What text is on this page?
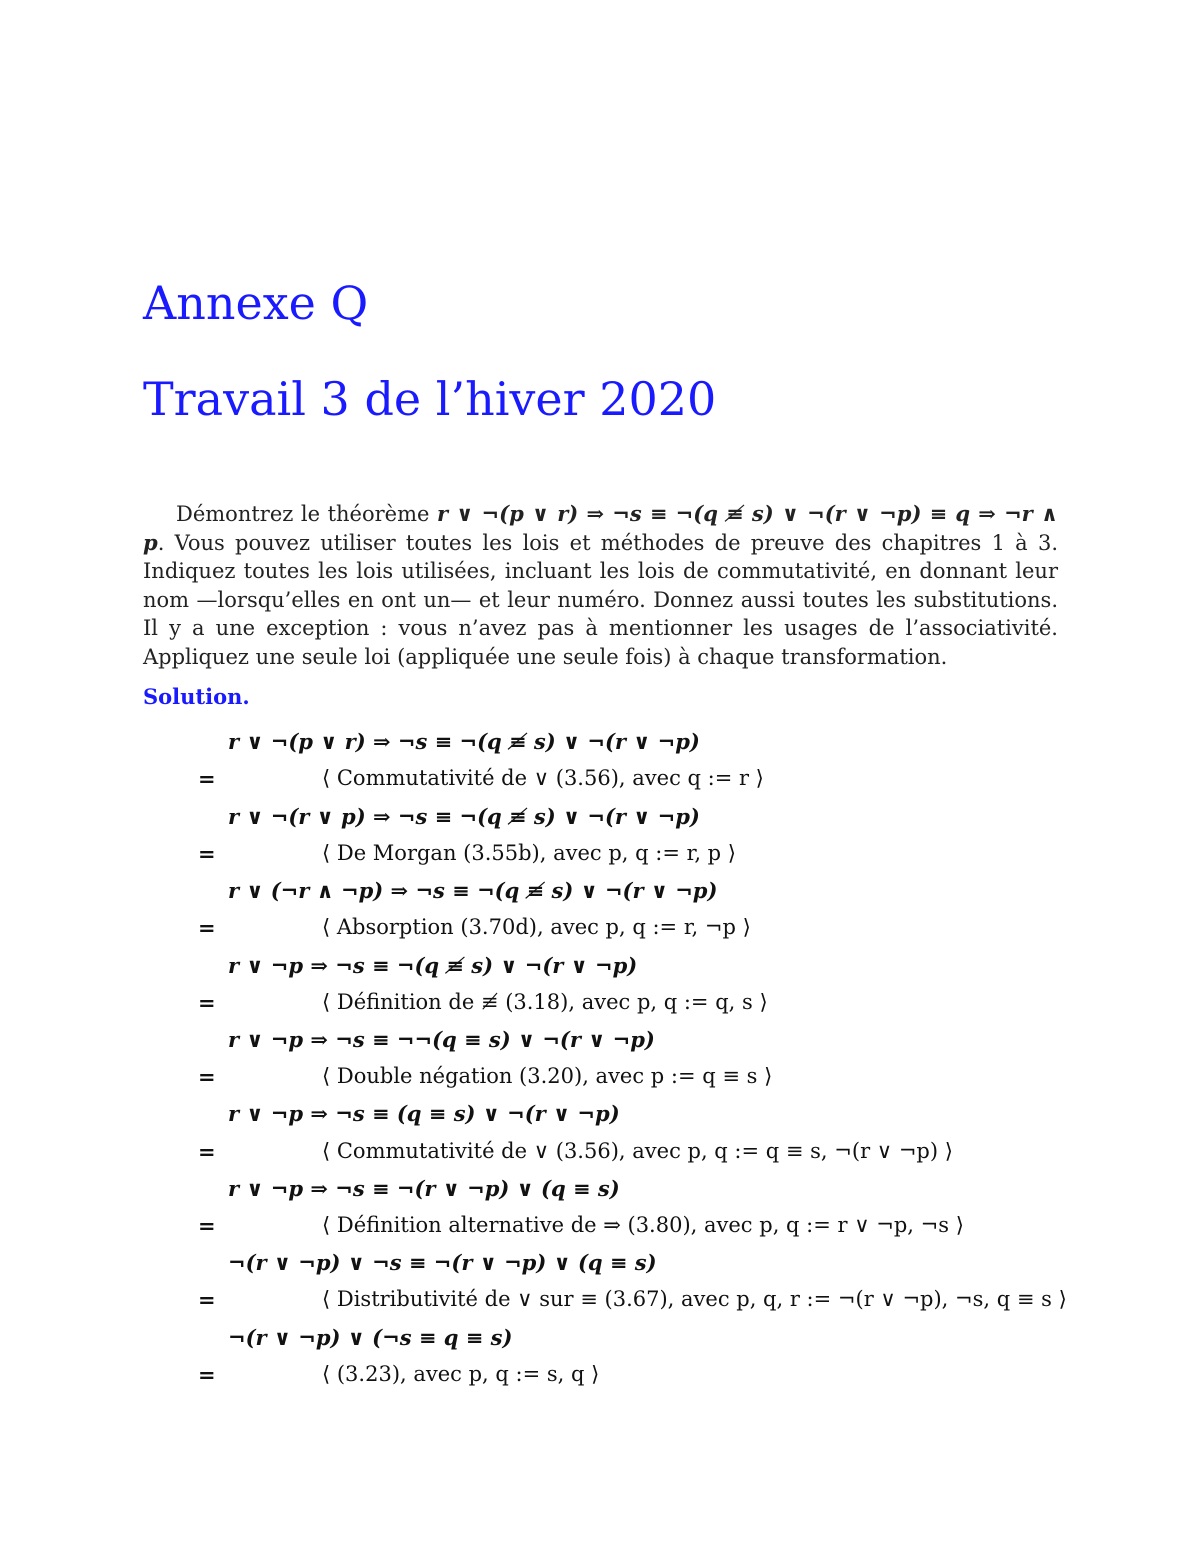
Annexe Q
Travail 3 de l’hiver 2020
Démontrez le théorème r ∨ ¬(p ∨ r) ⇒ ¬s ≡ ¬(q ≢ s) ∨ ¬(r ∨ ¬p) ≡ q ⇒ ¬r ∧ p. Vous pouvez utiliser toutes les lois et méthodes de preuve des chapitres 1 à 3. Indiquez toutes les lois utilisées, incluant les lois de commutativité, en donnant leur nom —lorsqu’elles en ont un— et leur numéro. Donnez aussi toutes les substitutions. Il y a une exception : vous n’avez pas à mentionner les usages de l’associativité. Appliquez une seule loi (appliquée une seule fois) à chaque transformation.
Solution.
r ∨ ¬(p ∨ r) ⇒ ¬s ≡ ¬(q ≢ s) ∨ ¬(r ∨ ¬p)
=	⟨ Commutativité de ∨ (3.56), avec q := r ⟩
r ∨ ¬(r ∨ p) ⇒ ¬s ≡ ¬(q ≢ s) ∨ ¬(r ∨ ¬p)
=	⟨ De Morgan (3.55b), avec p, q := r, p ⟩
r ∨ (¬r ∧ ¬p) ⇒ ¬s ≡ ¬(q ≢ s) ∨ ¬(r ∨ ¬p)
=	⟨ Absorption (3.70d), avec p, q := r, ¬p ⟩
r ∨ ¬p ⇒ ¬s ≡ ¬(q ≢ s) ∨ ¬(r ∨ ¬p)
=	⟨ Définition de ≢ (3.18), avec p, q := q, s ⟩
r ∨ ¬p ⇒ ¬s ≡ ¬¬(q ≡ s) ∨ ¬(r ∨ ¬p)
=	⟨ Double négation (3.20), avec p := q ≡ s ⟩
r ∨ ¬p ⇒ ¬s ≡ (q ≡ s) ∨ ¬(r ∨ ¬p)
=	⟨ Commutativité de ∨ (3.56), avec p, q := q ≡ s, ¬(r ∨ ¬p) ⟩
r ∨ ¬p ⇒ ¬s ≡ ¬(r ∨ ¬p) ∨ (q ≡ s)
=	⟨ Définition alternative de ⇒ (3.80), avec p, q := r ∨ ¬p, ¬s ⟩
¬(r ∨ ¬p) ∨ ¬s ≡ ¬(r ∨ ¬p) ∨ (q ≡ s)
=	⟨ Distributivité de ∨ sur ≡ (3.67), avec p, q, r := ¬(r ∨ ¬p), ¬s, q ≡ s ⟩
¬(r ∨ ¬p) ∨ (¬s ≡ q ≡ s)
=	⟨ (3.23), avec p, q := s, q ⟩
